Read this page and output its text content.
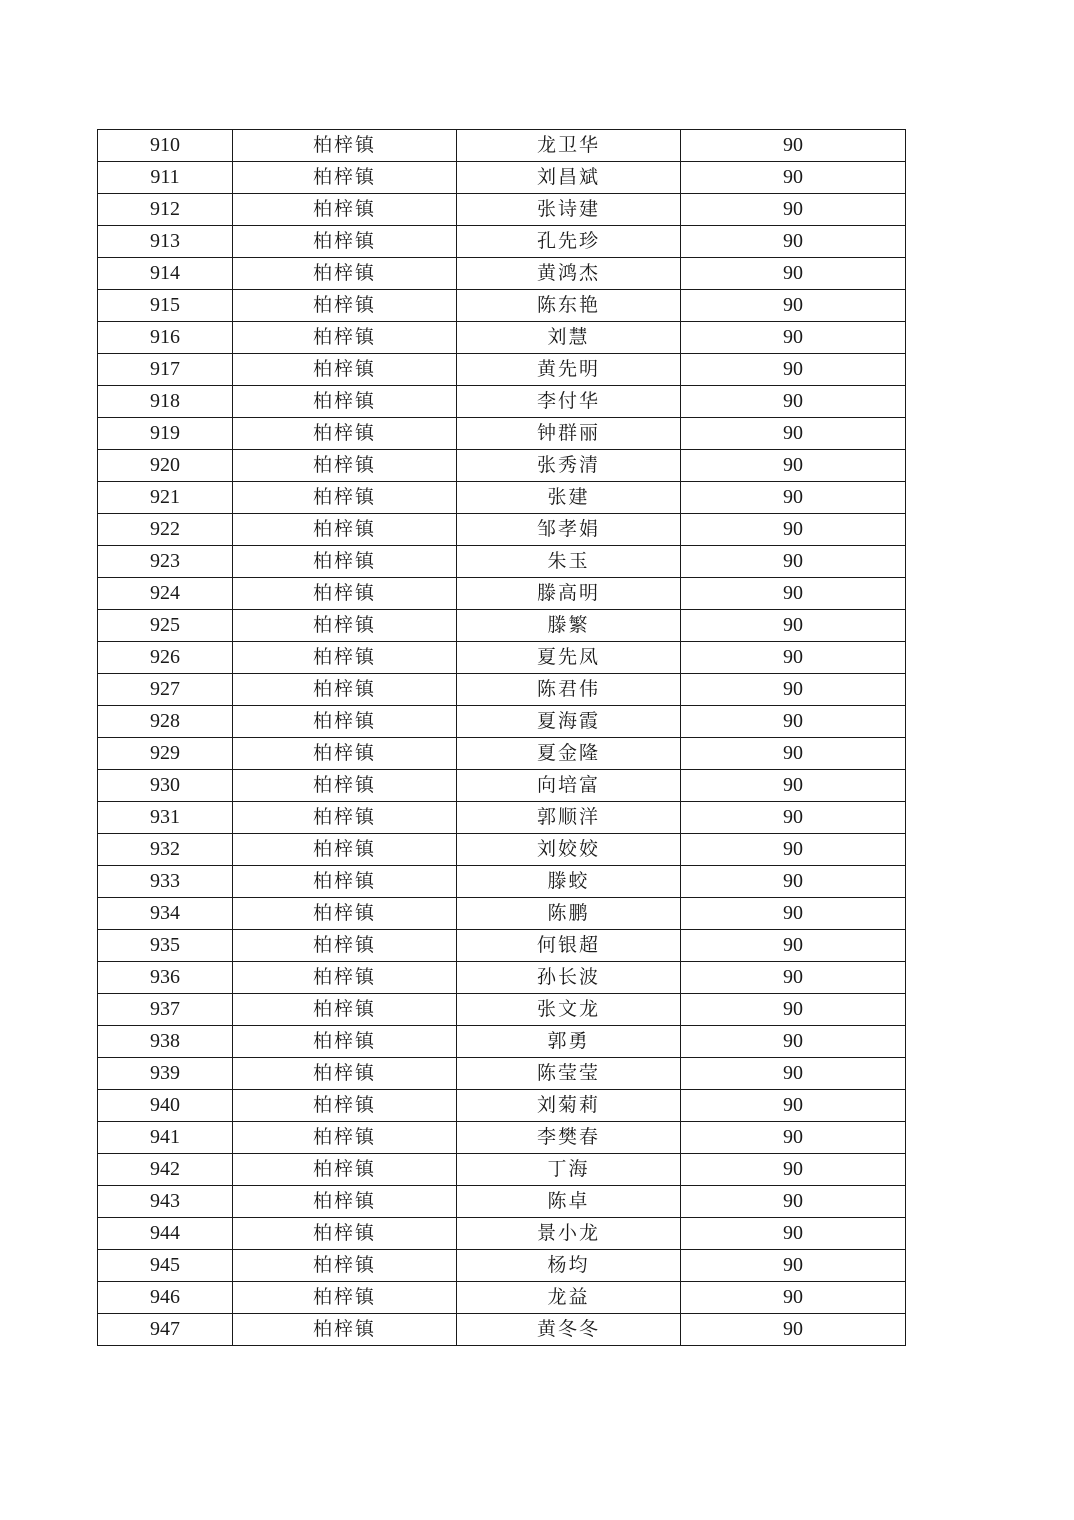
910	柏梓镇	龙卫华	90
911	柏梓镇	刘昌斌	90
912	柏梓镇	张诗建	90
913	柏梓镇	孔先珍	90
914	柏梓镇	黄鸿杰	90
915	柏梓镇	陈东艳	90
916	柏梓镇	刘慧	90
917	柏梓镇	黄先明	90
918	柏梓镇	李付华	90
919	柏梓镇	钟群丽	90
920	柏梓镇	张秀清	90
921	柏梓镇	张建	90
922	柏梓镇	邹孝娟	90
923	柏梓镇	朱玉	90
924	柏梓镇	滕高明	90
925	柏梓镇	滕繁	90
926	柏梓镇	夏先凤	90
927	柏梓镇	陈君伟	90
928	柏梓镇	夏海霞	90
929	柏梓镇	夏金隆	90
930	柏梓镇	向培富	90
931	柏梓镇	郭顺洋	90
932	柏梓镇	刘姣姣	90
933	柏梓镇	滕蛟	90
934	柏梓镇	陈鹏	90
935	柏梓镇	何银超	90
936	柏梓镇	孙长波	90
937	柏梓镇	张文龙	90
938	柏梓镇	郭勇	90
939	柏梓镇	陈莹莹	90
940	柏梓镇	刘菊莉	90
941	柏梓镇	李樊春	90
942	柏梓镇	丁海	90
943	柏梓镇	陈卓	90
944	柏梓镇	景小龙	90
945	柏梓镇	杨均	90
946	柏梓镇	龙益	90
947	柏梓镇	黄冬冬	90
